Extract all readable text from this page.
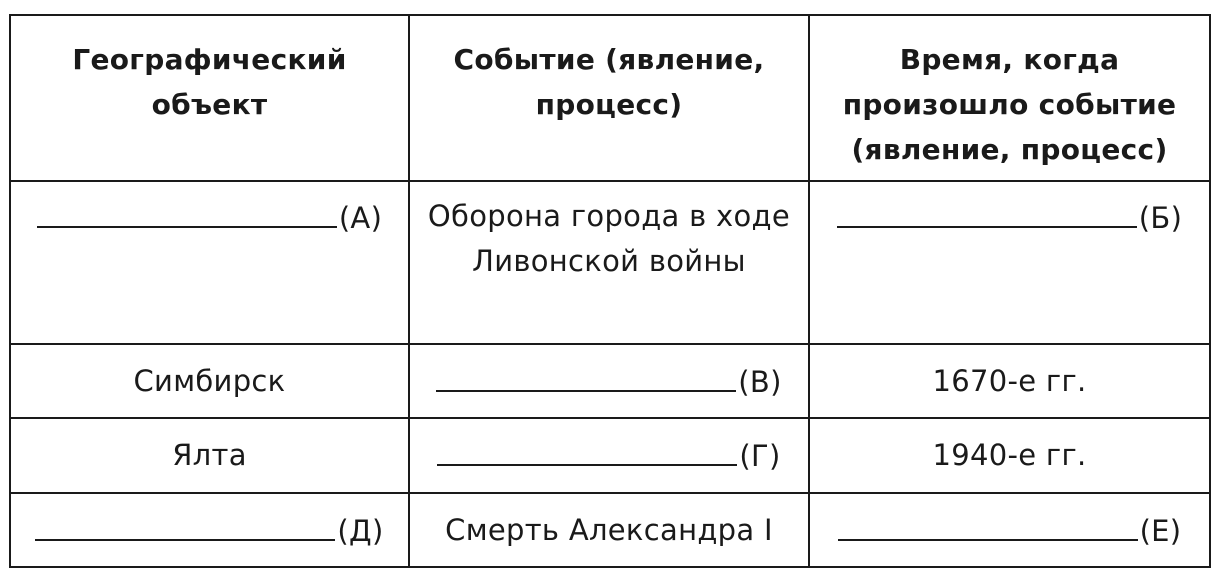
Географический объект	Событие (явление, процесс)	Время, когда произошло событие (явление, процесс)
(А)	Оборона города в ходе Ливонской войны	(Б)
Симбирск	(В)	1670-е гг.
Ялта	(Г)	1940-е гг.
(Д)	Смерть Александра I	(Е)
